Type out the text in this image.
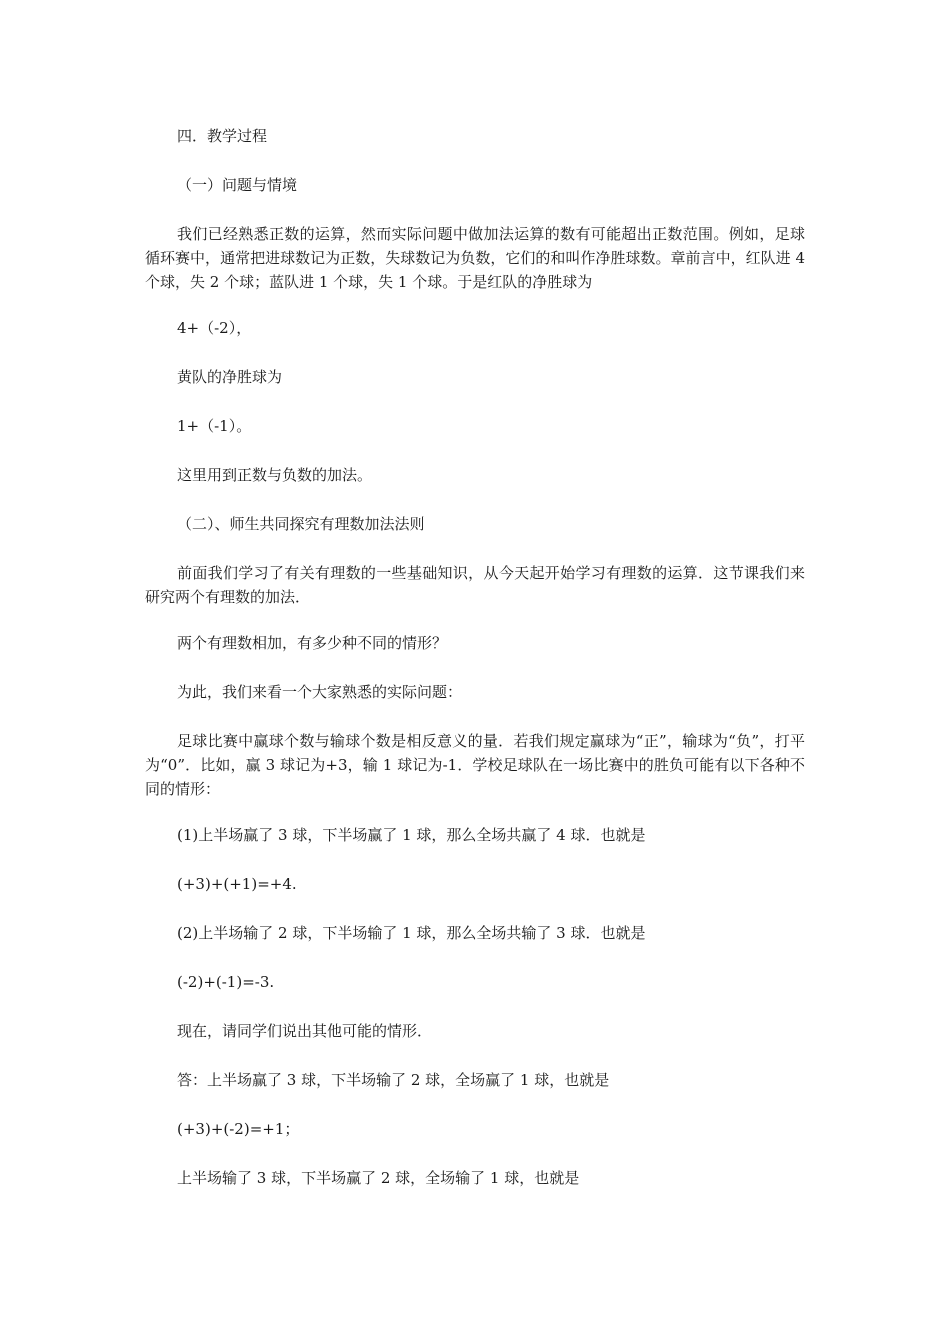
四．教学过程

（一）问题与情境

我们已经熟悉正数的运算，然而实际问题中做加法运算的数有可能超出正数范围。例如，足球循环赛中，通常把进球数记为正数，失球数记为负数，它们的和叫作净胜球数。章前言中，红队进 4 个球，失 2 个球；蓝队进 1 个球，失 1 个球。于是红队的净胜球为

4+（-2），

黄队的净胜球为

1+（-1）。

这里用到正数与负数的加法。

（二）、师生共同探究有理数加法法则

前面我们学习了有关有理数的一些基础知识，从今天起开始学习有理数的运算．这节课我们来研究两个有理数的加法．

两个有理数相加，有多少种不同的情形？

为此，我们来看一个大家熟悉的实际问题：

足球比赛中赢球个数与输球个数是相反意义的量．若我们规定赢球为“正”，输球为“负”，打平为“0”．比如，赢 3 球记为+3，输 1 球记为-1．学校足球队在一场比赛中的胜负可能有以下各种不同的情形：

(1)上半场赢了 3 球，下半场赢了 1 球，那么全场共赢了 4 球．也就是

(+3)+(+1)=+4.

(2)上半场输了 2 球，下半场输了 1 球，那么全场共输了 3 球．也就是

(-2)+(-1)=-3.

现在，请同学们说出其他可能的情形．

答：上半场赢了 3 球，下半场输了 2 球，全场赢了 1 球，也就是

(+3)+(-2)=+1；

上半场输了 3 球，下半场赢了 2 球，全场输了 1 球，也就是
